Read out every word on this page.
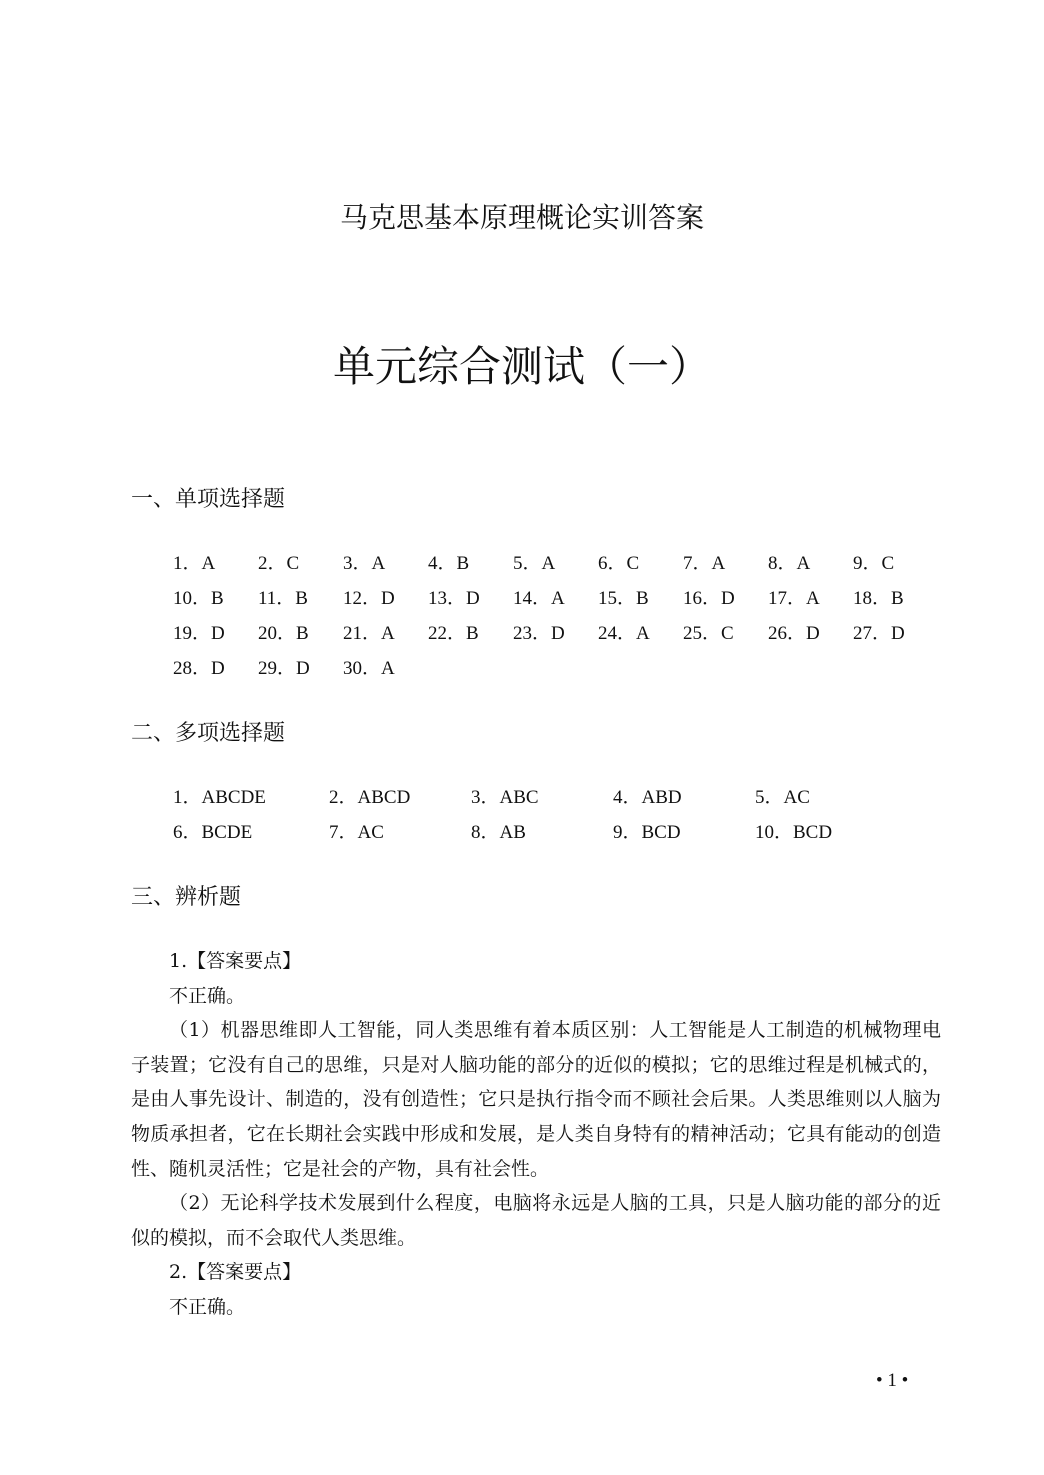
马克思基本原理概论实训答案
单元综合测试（一）
一、单项选择题
1．A	2．C	3．A	4．B	5．A	6．C	7．A	8．A	9．C
10．B	11．B	12．D	13．D	14．A	15．B	16．D	17．A	18．B
19．D	20．B	21．A	22．B	23．D	24．A	25．C	26．D	27．D
28．D	29．D	30．A
二、多项选择题
1．ABCDE	2．ABCD	3．ABC	4．ABD	5．AC
6．BCDE	7．AC	8．AB	9．BCD	10．BCD
三、辨析题

1.【答案要点】

不正确。

（1）机器思维即人工智能，同人类思维有着本质区别：人工智能是人工制造的机械物理电子装置；它没有自己的思维，只是对人脑功能的部分的近似的模拟；它的思维过程是机械式的，是由人事先设计、制造的，没有创造性；它只是执行指令而不顾社会后果。人类思维则以人脑为物质承担者，它在长期社会实践中形成和发展，是人类自身特有的精神活动；它具有能动的创造性、随机灵活性；它是社会的产物，具有社会性。

（2）无论科学技术发展到什么程度，电脑将永远是人脑的工具，只是人脑功能的部分的近似的模拟，而不会取代人类思维。

2.【答案要点】

不正确。

• 1 •
